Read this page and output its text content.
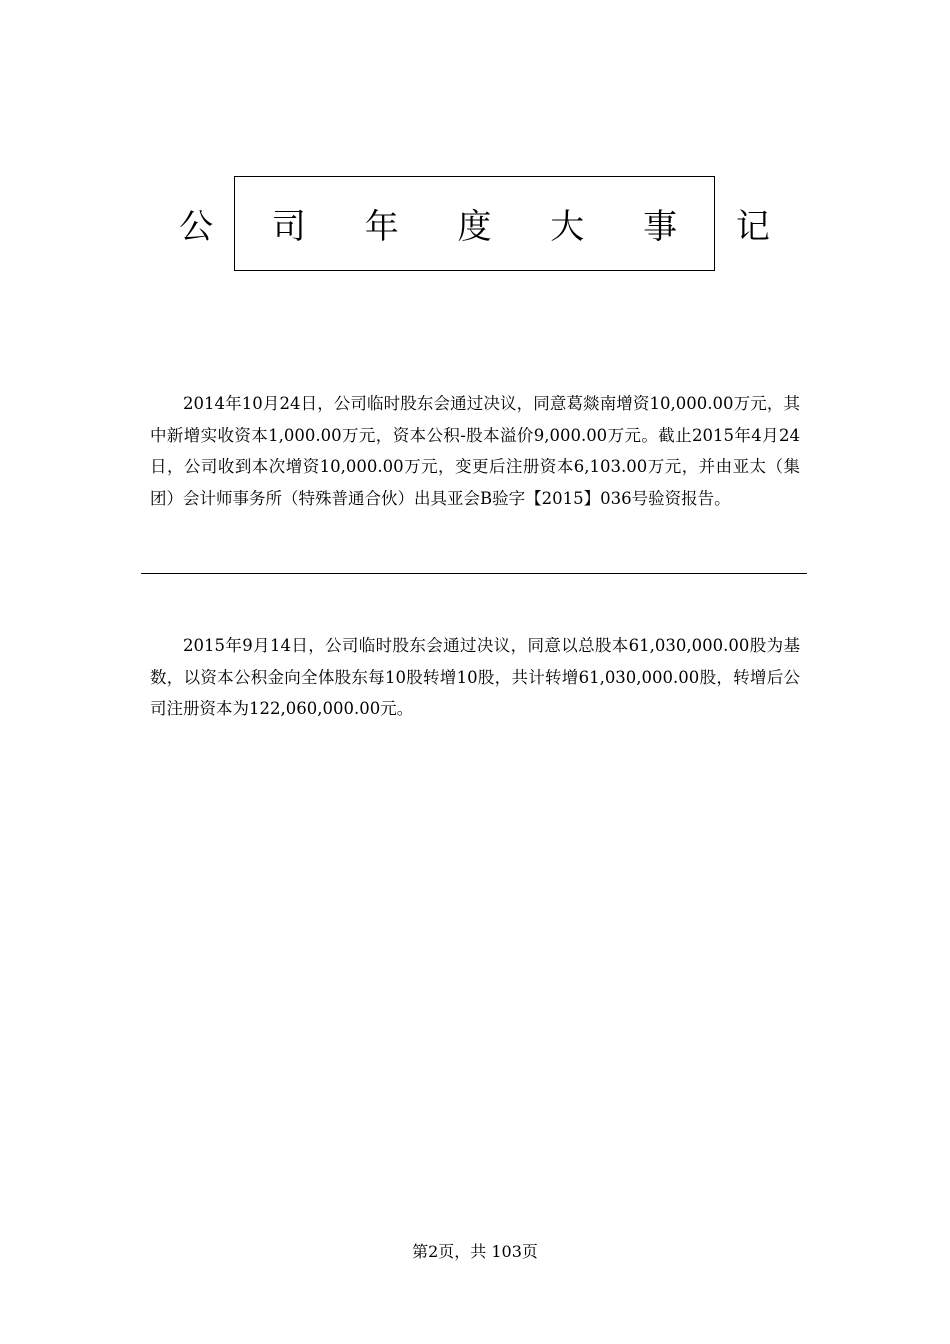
公 司 年 度 大 事 记

2014年10月24日，公司临时股东会通过决议，同意葛燚南增资10,000.00万元，其中新增实收资本1,000.00万元，资本公积-股本溢价9,000.00万元。截止2015年4月24日，公司收到本次增资10,000.00万元，变更后注册资本6,103.00万元，并由亚太（集团）会计师事务所（特殊普通合伙）出具亚会B验字【2015】036号验资报告。

2015年9月14日，公司临时股东会通过决议，同意以总股本61,030,000.00股为基数，以资本公积金向全体股东每10股转增10股，共计转增61,030,000.00股，转增后公司注册资本为122,060,000.00元。

第2页，共 103页
